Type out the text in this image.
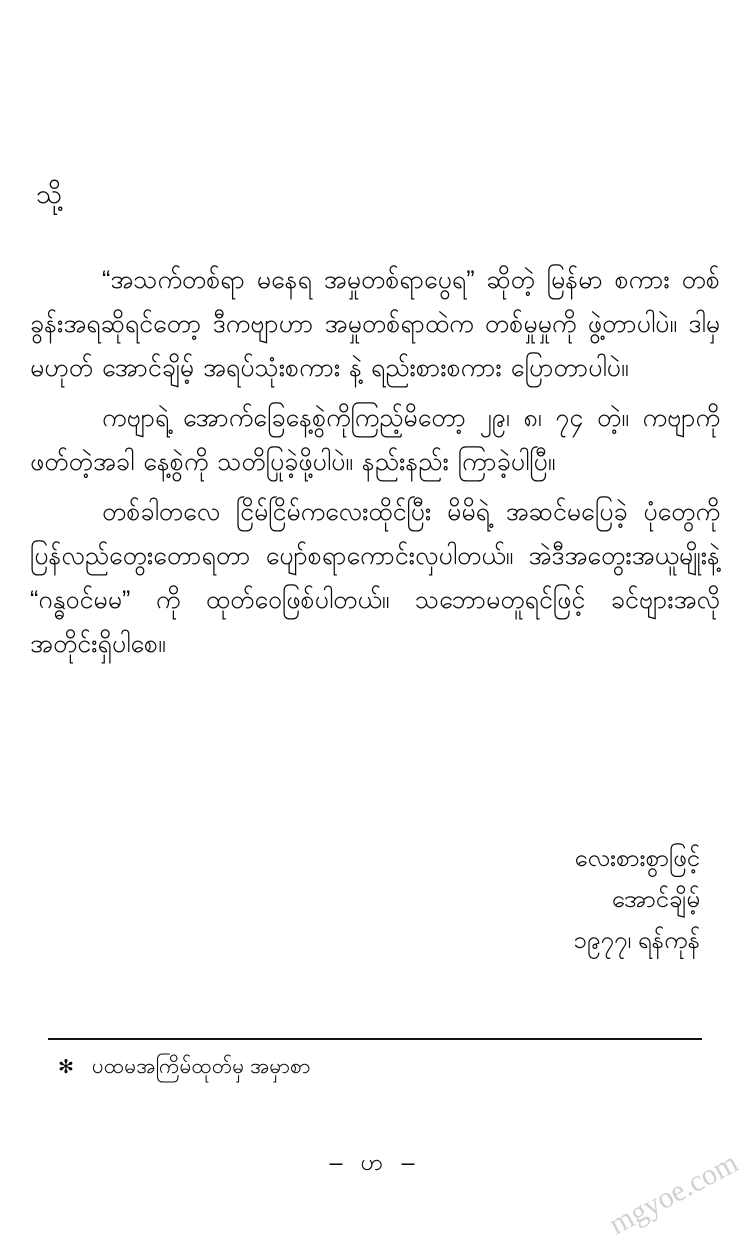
သို့

“အသက်တစ်ရာ မနေရ အမှုတစ်ရာပွေရ” ဆိုတဲ့ မြန်မာ စကား တစ်ခွန်းအရဆိုရင်တော့ ဒီကဗျာဟာ အမှုတစ်ရာထဲက တစ်မှုမှုကို ဖွဲ့တာပါပဲ။ ဒါမှမဟုတ် အောင်ချိမ့် အရပ်သုံးစကား နဲ့ ရည်းစားစကား ပြောတာပါပဲ။

ကဗျာရဲ့ အောက်ခြေနေ့စွဲကိုကြည့်မိတော့ ၂၉၊ ၈၊ ၇၄ တဲ့။ ကဗျာကို ဖတ်တဲ့အခါ နေ့စွဲကို သတိပြုခဲ့ဖို့ပါပဲ။ နည်းနည်း ကြာခဲ့ပါပြီ။

တစ်ခါတလေ ငြိမ်ငြိမ်ကလေးထိုင်ပြီး မိမိရဲ့ အဆင်မပြေခဲ့ ပုံတွေကို ပြန်လည်တွေးတောရတာ ပျော်စရာကောင်းလှပါတယ်။ အဲဒီအတွေးအယူမျိုးနဲ့ “ဂန္ဓဝင်မမ” ကို ထုတ်ဝေဖြစ်ပါတယ်။ သဘောမတူရင်ဖြင့် ခင်ဗျားအလိုအတိုင်းရှိပါစေ။

လေးစားစွာဖြင့်
အောင်ချိမ့်
၁၉၇၇၊ ရန်ကုန်
✻ ပထမအကြိမ်ထုတ်မှ အမှာစာ
– ဟ –	mgyoe.com
